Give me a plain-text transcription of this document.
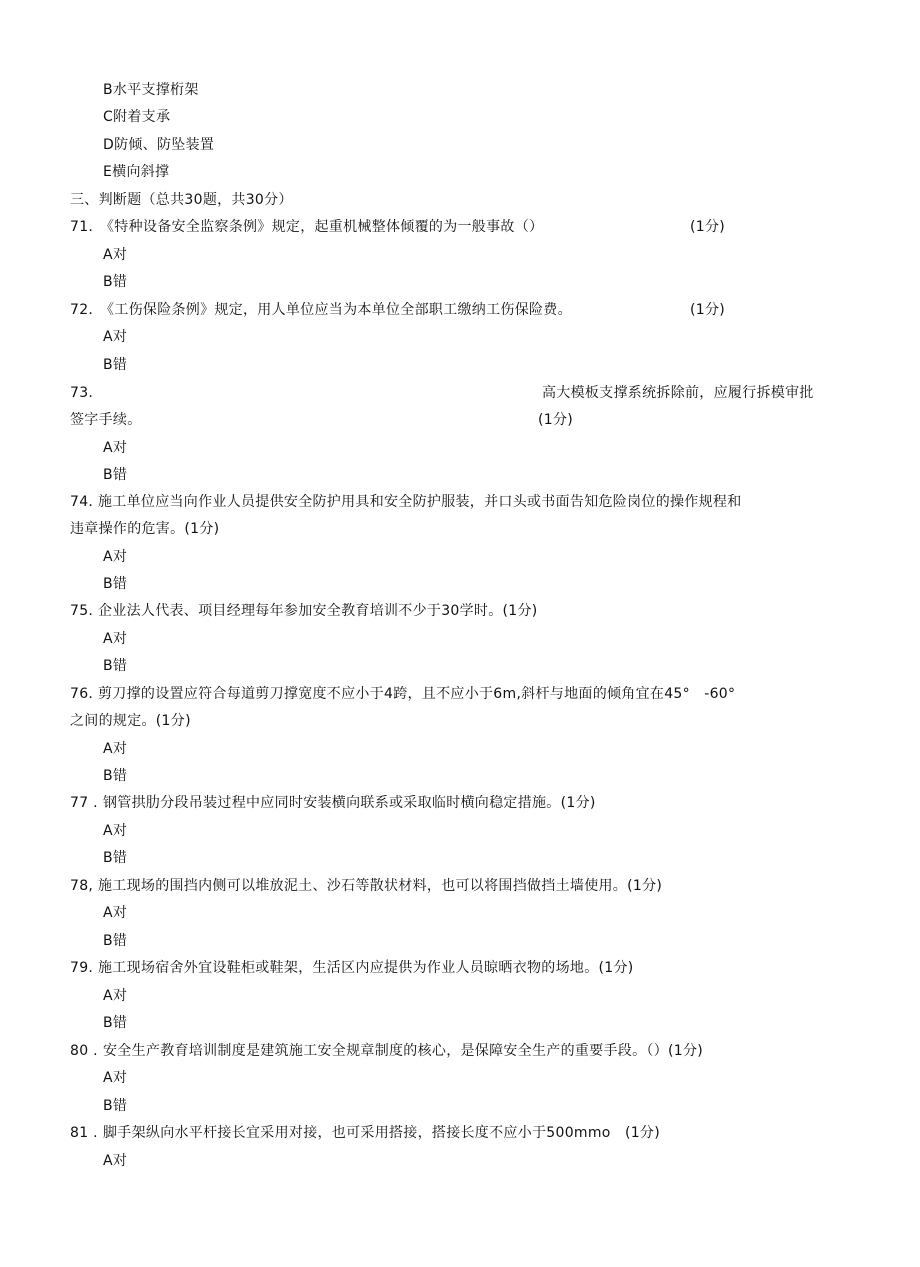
B水平支撑桁架
C附着支承
D防倾、防坠装置
E横向斜撑
三、判断题（总共30题，共30分）
71. 《特种设备安全监察条例》规定，起重机械整体倾覆的为一般事故（）	(1分)
A对
B错
72. 《工伤保险条例》规定，用人单位应当为本单位全部职工缴纳工伤保险费。	(1分)
A对
B错
73.	高大模板支撑系统拆除前，应履行拆模审批
签字手续。	(1分)
A对
B错
74. 施工单位应当向作业人员提供安全防护用具和安全防护服装，并口头或书面告知危险岗位的操作规程和
违章操作的危害。(1分)
A对
B错
75. 企业法人代表、项目经理每年参加安全教育培训不少于30学时。(1分)
A对
B错
76. 剪刀撑的设置应符合每道剪刀撑宽度不应小于4跨，且不应小于6m,斜杆与地面的倾角宜在45°　-60°
之间的规定。(1分)
A对
B错
77 . 钢管拱肋分段吊装过程中应同时安装横向联系或采取临时横向稳定措施。(1分)
A对
B错
78, 施工现场的围挡内侧可以堆放泥土、沙石等散状材料，也可以将围挡做挡土墙使用。(1分)
A对
B错
79. 施工现场宿舍外宜设鞋柜或鞋架，生活区内应提供为作业人员晾晒衣物的场地。(1分)
A对
B错
80 . 安全生产教育培训制度是建筑施工安全规章制度的核心，是保障安全生产的重要手段。（）(1分)
A对
B错
81 . 脚手架纵向水平杆接长宜采用对接，也可采用搭接，搭接长度不应小于500mmo　(1分)
A对
